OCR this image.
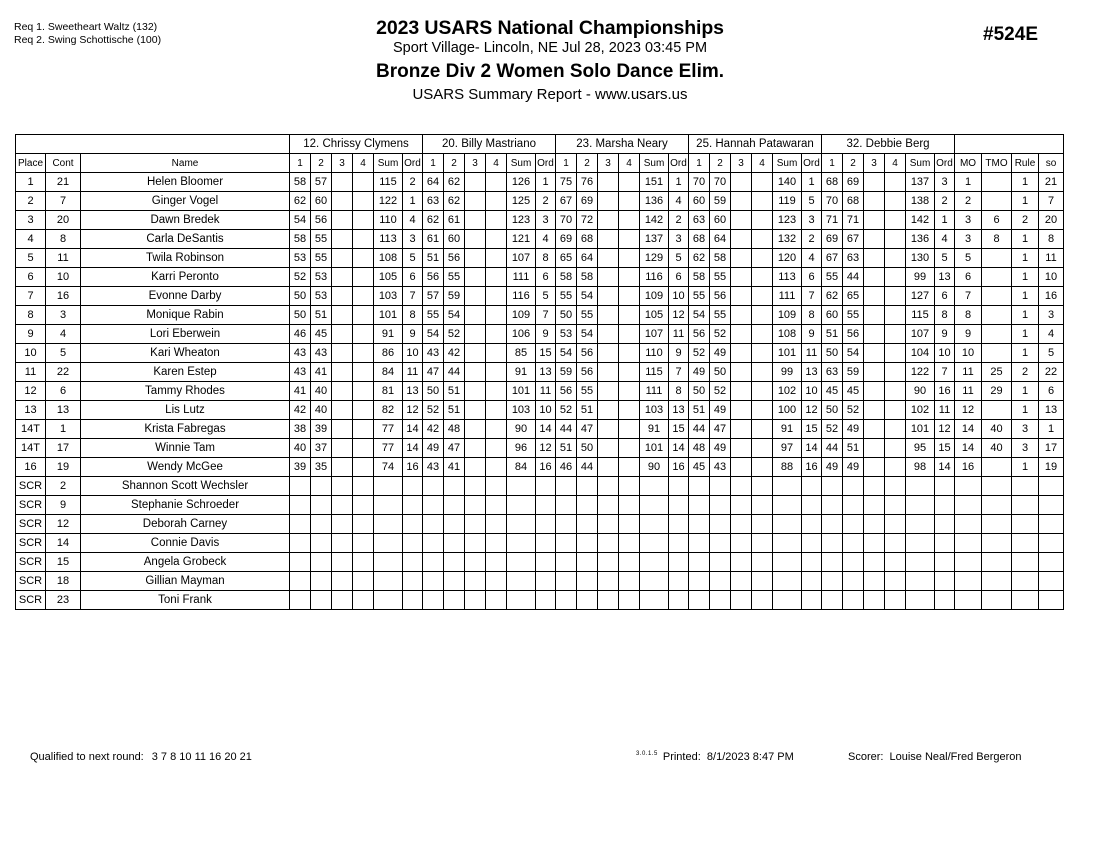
Req 1. Sweetheart Waltz (132)
Req 2. Swing Schottische (100)
2023 USARS National Championships
Sport Village- Lincoln, NE Jul 28, 2023 03:45 PM
Bronze Div 2 Women Solo Dance Elim.
USARS Summary Report - www.usars.us
#524E
			12. Chrissy Clymens						20. Billy Mastriano						23. Marsha Neary						25. Hannah Patawaran						32. Debbie Berg									
Place	Cont	Name	1	2	3	4	Sum	Ord	1	2	3	4	Sum	Ord	1	2	3	4	Sum	Ord	1	2	3	4	Sum	Ord	1	2	3	4	Sum	Ord	MO	TMO	Rule	so
1	21	Helen Bloomer	58	57			115	2	64	62			126	1	75	76			151	1	70	70			140	1	68	69			137	3	1		1	21
2	7	Ginger Vogel	62	60			122	1	63	62			125	2	67	69			136	4	60	59			119	5	70	68			138	2	2		1	7
3	20	Dawn Bredek	54	56			110	4	62	61			123	3	70	72			142	2	63	60			123	3	71	71			142	1	3	6	2	20
4	8	Carla DeSantis	58	55			113	3	61	60			121	4	69	68			137	3	68	64			132	2	69	67			136	4	3	8	1	8
5	11	Twila Robinson	53	55			108	5	51	56			107	8	65	64			129	5	62	58			120	4	67	63			130	5	5		1	11
6	10	Karri Peronto	52	53			105	6	56	55			111	6	58	58			116	6	58	55			113	6	55	44			99	13	6		1	10
7	16	Evonne Darby	50	53			103	7	57	59			116	5	55	54			109	10	55	56			111	7	62	65			127	6	7		1	16
8	3	Monique Rabin	50	51			101	8	55	54			109	7	50	55			105	12	54	55			109	8	60	55			115	8	8		1	3
9	4	Lori Eberwein	46	45			91	9	54	52			106	9	53	54			107	11	56	52			108	9	51	56			107	9	9		1	4
10	5	Kari Wheaton	43	43			86	10	43	42			85	15	54	56			110	9	52	49			101	11	50	54			104	10	10		1	5
11	22	Karen Estep	43	41			84	11	47	44			91	13	59	56			115	7	49	50			99	13	63	59			122	7	11	25	2	22
12	6	Tammy Rhodes	41	40			81	13	50	51			101	11	56	55			111	8	50	52			102	10	45	45			90	16	11	29	1	6
13	13	Lis Lutz	42	40			82	12	52	51			103	10	52	51			103	13	51	49			100	12	50	52			102	11	12		1	13
14T	1	Krista Fabregas	38	39			77	14	42	48			90	14	44	47			91	15	44	47			91	15	52	49			101	12	14	40	3	1
14T	17	Winnie Tam	40	37			77	14	49	47			96	12	51	50			101	14	48	49			97	14	44	51			95	15	14	40	3	17
16	19	Wendy McGee	39	35			74	16	43	41			84	16	46	44			90	16	45	43			88	16	49	49			98	14	16		1	19
SCR	2	Shannon Scott Wechsler																																		
SCR	9	Stephanie Schroeder																																		
SCR	12	Deborah Carney																																		
SCR	14	Connie Davis																																		
SCR	15	Angela Grobeck																																		
SCR	18	Gillian Mayman																																		
SCR	23	Toni Frank																																		
Qualified to next round: 3 7 8 10 11 16 20 21	$^{3.0.1.5}$ Printed: 8/1/2023 8:47 PM	Scorer: Louise Neal/Fred Bergeron
